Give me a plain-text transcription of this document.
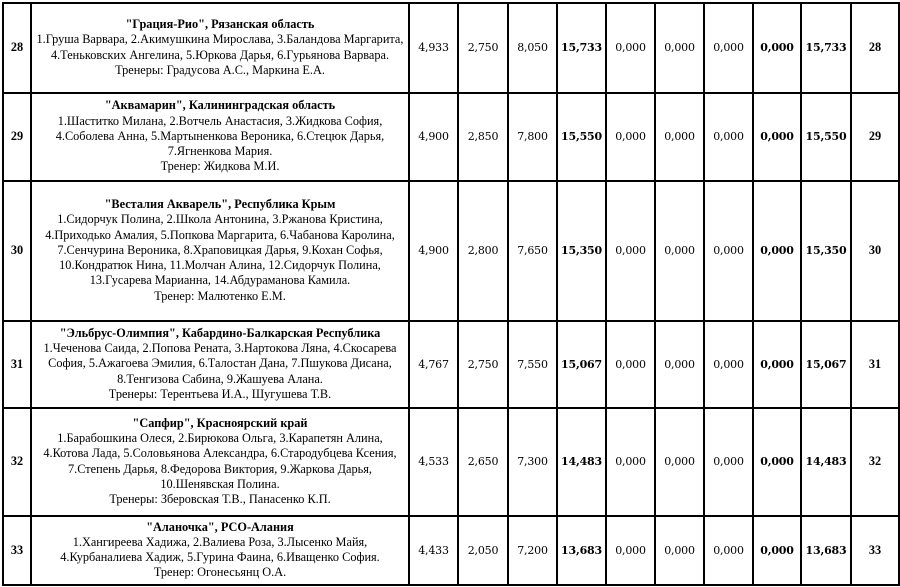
28	"Грация-Рио", Рязанская область
1.Груша Варвара, 2.Акимушкина Мирослава, 3.Баландова Маргарита, 4.Теньковских Ангелина, 5.Юркова Дарья, 6.Гурьянова Варвара.
Тренеры: Градусова А.С., Маркина Е.А.	4,933	2,750	8,050	15,733	0,000	0,000	0,000	0,000	15,733	28
29	"Аквамарин", Калининградская область
1.Шаститко Милана, 2.Вотчель Анастасия, 3.Жидкова София, 4.Соболева Анна, 5.Мартыненкова Вероника, 6.Стецюк Дарья, 7.Ягненкова Мария.
Тренер: Жидкова М.И.	4,900	2,850	7,800	15,550	0,000	0,000	0,000	0,000	15,550	29
30	"Весталия Акварель", Республика Крым
1.Сидорчук Полина, 2.Школа Антонина, 3.Ржанова Кристина, 4.Приходько Амалия, 5.Попкова Маргарита, 6.Чабанова Каролина, 7.Сенчурина Вероника, 8.Храповицкая Дарья, 9.Кохан Софья, 10.Кондратюк Нина, 11.Молчан Алина, 12.Сидорчук Полина, 13.Гусарева Марианна, 14.Абдураманова Камила.
Тренер: Малютенко Е.М.	4,900	2,800	7,650	15,350	0,000	0,000	0,000	0,000	15,350	30
31	"Эльбрус-Олимпия", Кабардино-Балкарская Республика
1.Чеченова Саида, 2.Попова Рената, 3.Нартокова Ляна, 4.Скосарева София, 5.Ажагоева Эмилия, 6.Талостан Дана, 7.Пшукова Дисана, 8.Тенгизова Сабина, 9.Жашуева Алана.
Тренеры: Терентьева И.А., Шугушева Т.В.	4,767	2,750	7,550	15,067	0,000	0,000	0,000	0,000	15,067	31
32	"Сапфир", Красноярский край
1.Барабошкина Олеся, 2.Бирюкова Ольга, 3.Карапетян Алина, 4.Котова Лада, 5.Соловьянова Александра, 6.Стародубцева Ксения, 7.Степень Дарья, 8.Федорова Виктория, 9.Жаркова Дарья, 10.Шенявская Полина.
Тренеры: Зберовская Т.В., Панасенко К.П.	4,533	2,650	7,300	14,483	0,000	0,000	0,000	0,000	14,483	32
33	"Аланочка", РСО-Алания
1.Хангиреева Хадижа, 2.Валиева Роза, 3.Лысенко Майя, 4.Курбаналиева Хадиж, 5.Гурина Фаина, 6.Иващенко София.
Тренер: Огонесьянц О.А.	4,433	2,050	7,200	13,683	0,000	0,000	0,000	0,000	13,683	33
